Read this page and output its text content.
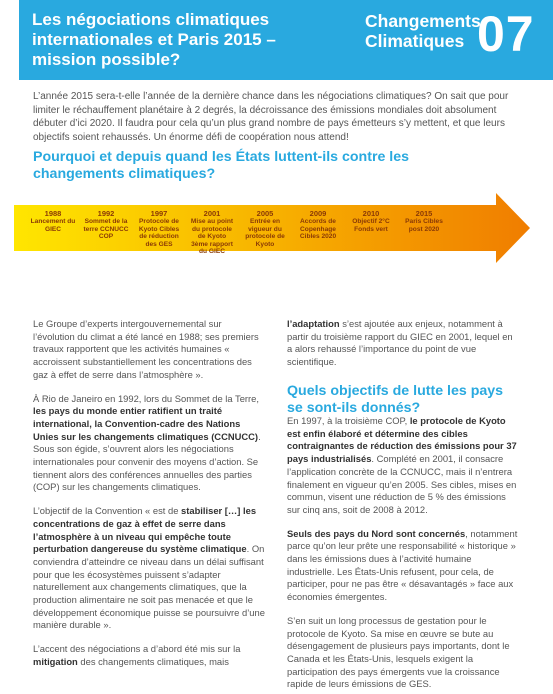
Les négociations climatiques internationales et Paris 2015 – mission possible?
Changements Climatiques 07

L’année 2015 sera-t-elle l’année de la dernière chance dans les négociations climatiques? On sait que pour limiter le réchauffement planétaire à 2 degrés, la décroissance des émissions mondiales doit absolument débuter d’ici 2020. Il faudra pour cela qu’un plus grand nombre de pays émetteurs s’y mettent, et que leurs objectifs soient rehaussés. Un énorme défi de coopération nous attend!

Pourquoi et depuis quand les États luttent-ils contre les changements climatiques?
1988
Lancement du GIEC
1992
Sommet de la terre CCNUCC COP
1997
Protocole de Kyoto Cibles de réduction des GES
2001
Mise au point du protocole de Kyoto 3ème rapport du GIEC
2005
Entrée en vigueur du protocole de Kyoto
2009
Accords de Copenhage Cibles 2020
2010
Objectif 2°C Fonds vert
2015
Paris Cibles post 2020

Le Groupe d’experts intergouvernemental sur l’évolution du climat a été lancé en 1988; ses premiers travaux rapportent que les activités humaines « accroissent substantiellement les concentrations des gaz à effet de serre dans l’atmosphère ».

À Rio de Janeiro en 1992, lors du Sommet de la Terre, les pays du monde entier ratifient un traité international, la Convention-cadre des Nations Unies sur les changements climatiques (CCNUCC). Sous son égide, s’ouvrent alors les négociations internationales pour convenir des moyens d’action. Se tiennent alors des conférences annuelles des parties (COP) sur les changements climatiques.

L’objectif de la Convention « est de stabiliser […] les concentrations de gaz à effet de serre dans l’atmosphère à un niveau qui empêche toute perturbation dangereuse du système climatique. On conviendra d’atteindre ce niveau dans un délai suffisant pour que les écosystèmes puissent s’adapter naturellement aux changements climatiques, que la production alimentaire ne soit pas menacée et que le développement économique puisse se poursuivre d’une manière durable ».

L’accent des négociations a d’abord été mis sur la mitigation des changements climatiques, mais

l’adaptation s’est ajoutée aux enjeux, notamment à partir du troisième rapport du GIEC en 2001, lequel en a alors rehaussé l’importance du point de vue scientifique.

Quels objectifs de lutte les pays se sont-ils donnés?

En 1997, à la troisième COP, le protocole de Kyoto est enfin élaboré et détermine des cibles contraignantes de réduction des émissions pour 37 pays industrialisés. Complété en 2001, il consacre l’application concrète de la CCNUCC, mais il n’entrera finalement en vigueur qu’en 2005. Ses cibles, mises en commun, visent une réduction de 5 % des émissions sur cinq ans, soit de 2008 à 2012.

Seuls des pays du Nord sont concernés, notamment parce qu’on leur prête une responsabilité « historique » dans les émissions dues à l’activité humaine industrielle. Les États-Unis refusent, pour cela, de participer, pour ne pas être « désavantagés » face aux économies émergentes.

S’en suit un long processus de gestation pour le protocole de Kyoto. Sa mise en œuvre se bute au désengagement de plusieurs pays importants, dont le Canada et les États-Unis, lesquels exigent la participation des pays émergents vue la croissance rapide de leurs émissions de GES.
